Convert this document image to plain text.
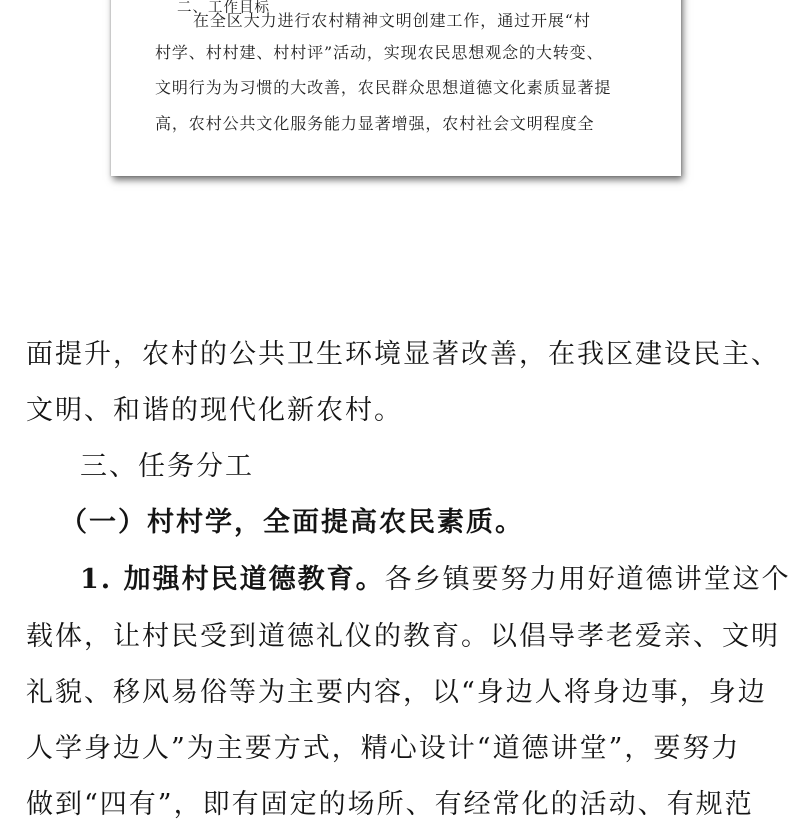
二、工作目标
在全区大力进行农村精神文明创建工作，通过开展“村
村学、村村建、村村评”活动，实现农民思想观念的大转变、
文明行为为习惯的大改善，农民群众思想道德文化素质显著提
高，农村公共文化服务能力显著增强，农村社会文明程度全
面提升，农村的公共卫生环境显著改善，在我区建设民主、
文明、和谐的现代化新农村。
三、任务分工
（一）村村学，全面提高农民素质。
1. 加强村民道德教育。各乡镇要努力用好道德讲堂这个
载体，让村民受到道德礼仪的教育。以倡导孝老爱亲、文明
礼貌、移风易俗等为主要内容，以“身边人将身边事，身边
人学身边人”为主要方式，精心设计“道德讲堂”，要努力
做到“四有”，即有固定的场所、有经常化的活动、有规范
